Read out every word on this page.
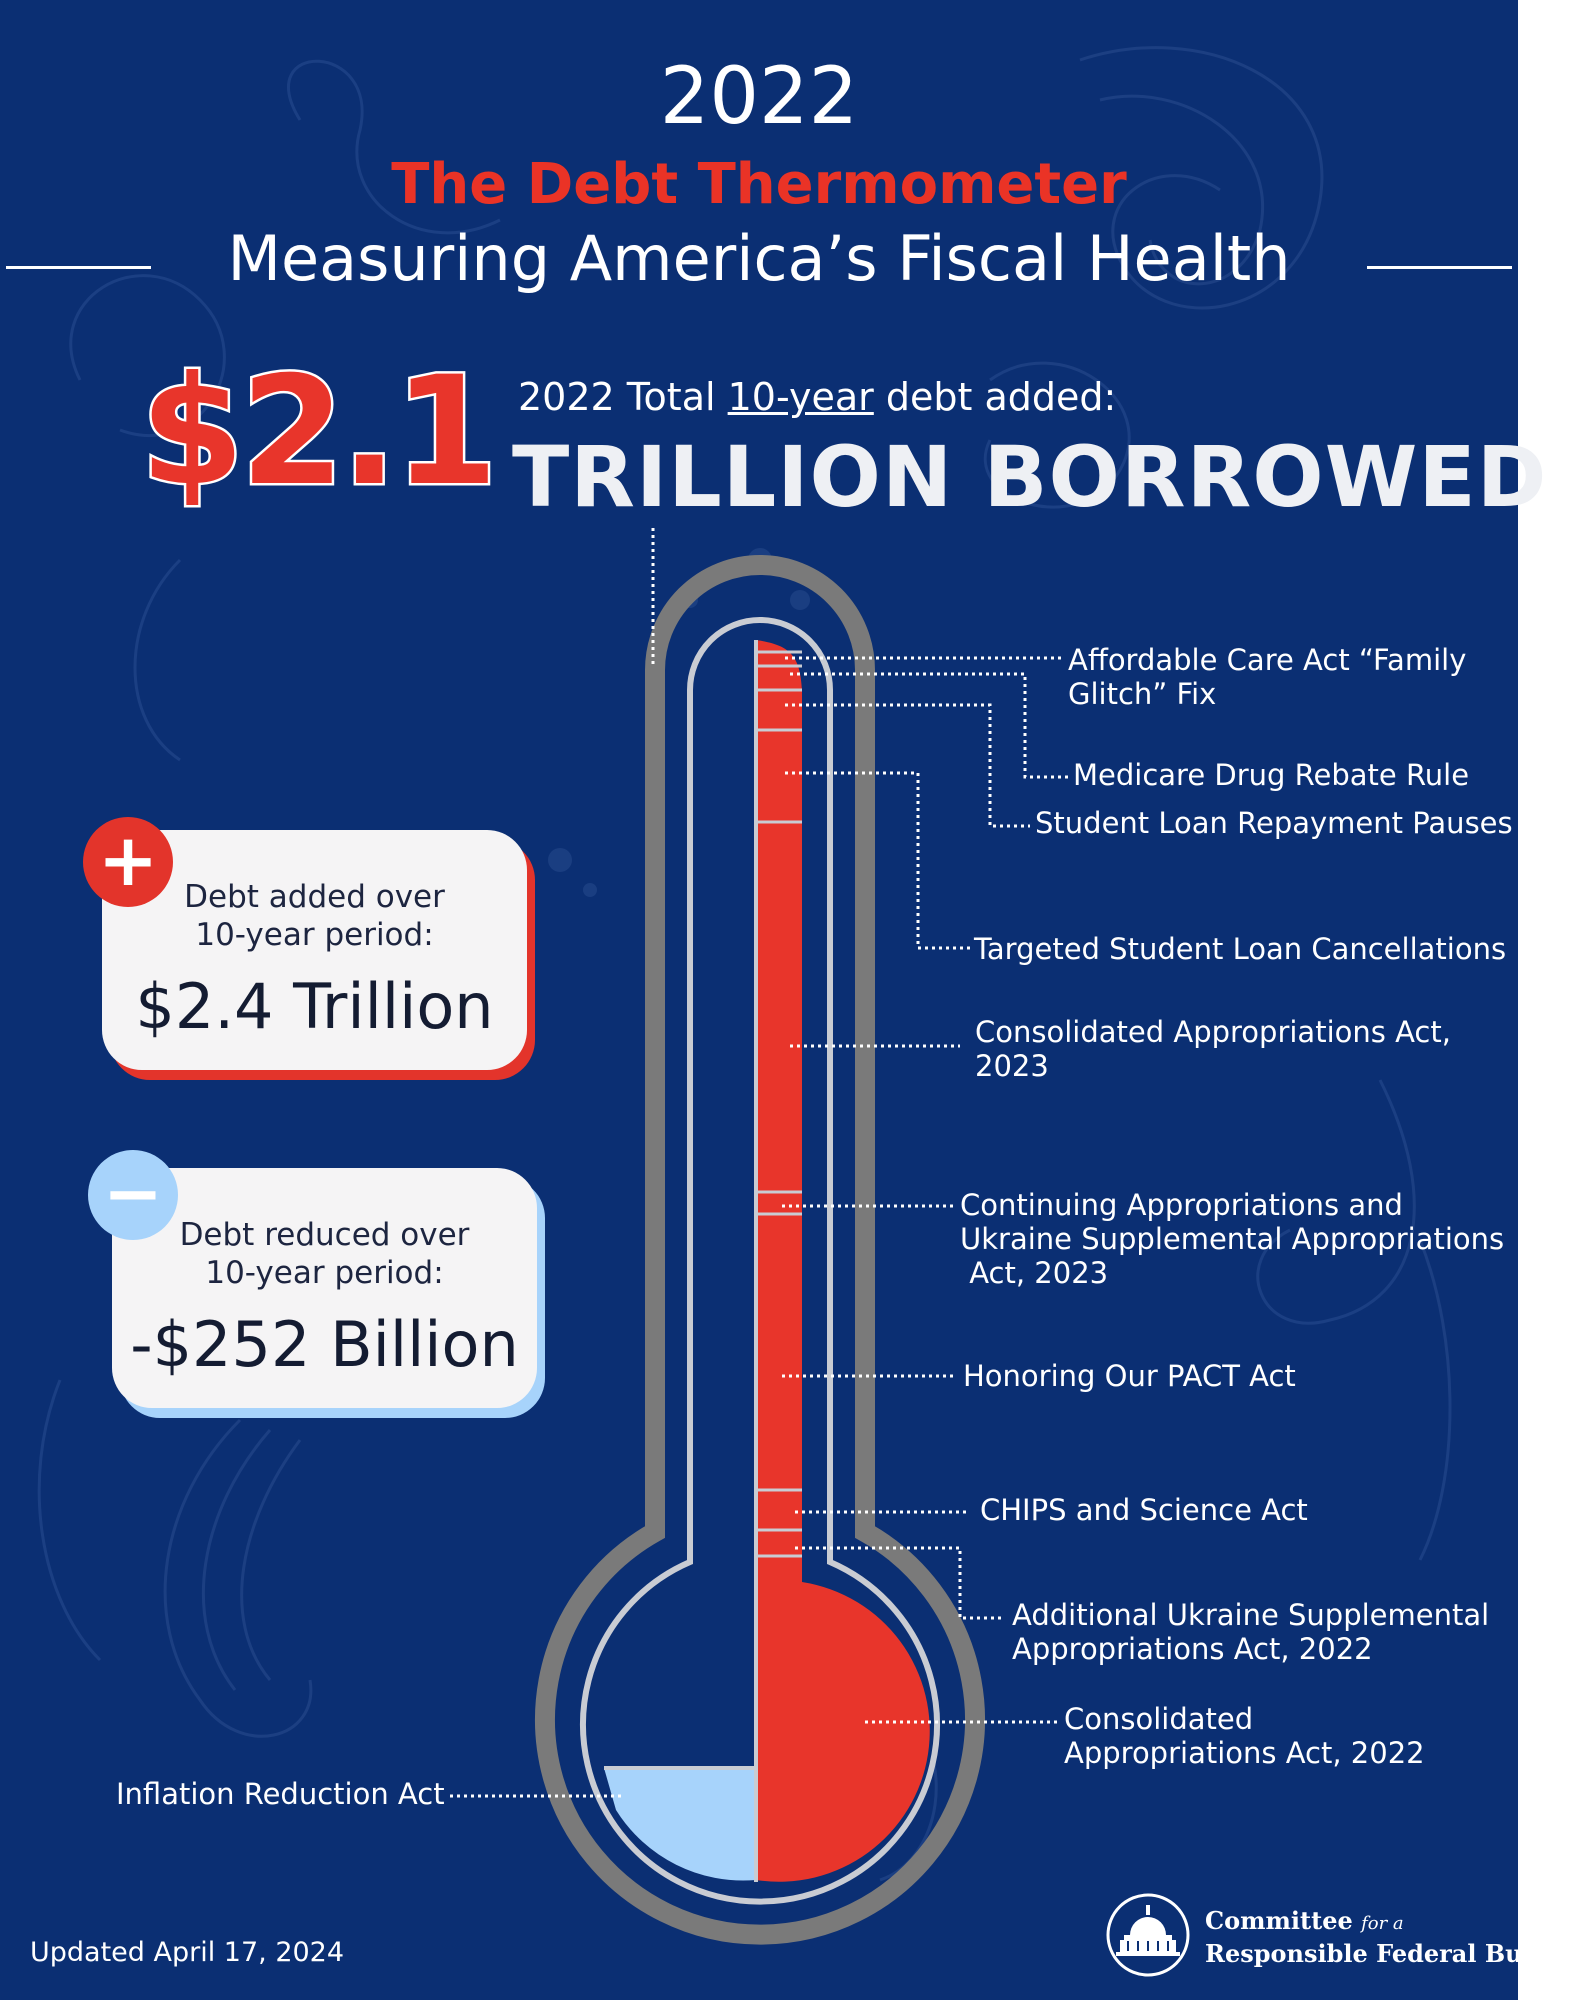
2022
The Debt Thermometer
Measuring America’s Fiscal Health
$2.1 2022 Total 10-year debt added:
TRILLION BORROWED
Debt added over
10-year period:
$2.4 Trillion
+
Debt reduced over
10-year period:
-$252 Billion
−
Affordable Care Act “Family
Glitch” Fix
Medicare Drug Rebate Rule
Student Loan Repayment Pauses
Targeted Student Loan Cancellations
Consolidated Appropriations Act,
2023
Continuing Appropriations and
Ukraine Supplemental Appropriations
Act, 2023
Honoring Our PACT Act
CHIPS and Science Act
Additional Ukraine Supplemental
Appropriations Act, 2022
Consolidated
Appropriations Act, 2022
Inflation Reduction Act
Updated April 17, 2024
Committee for a
Responsible Federal Budget
